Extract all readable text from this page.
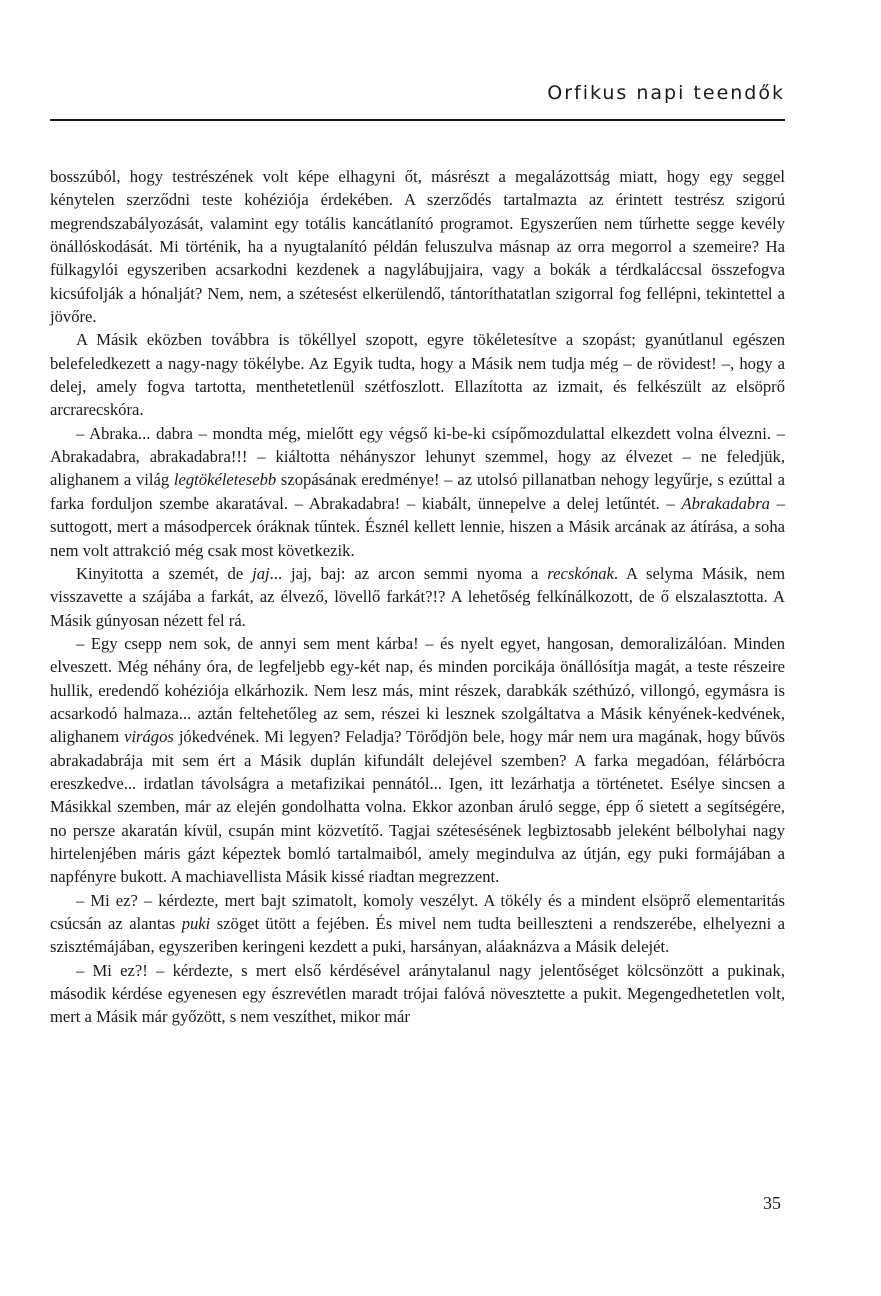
Orfikus napi teendők

bosszúból, hogy testrészének volt képe elhagyni őt, másrészt a megalázottság miatt, hogy egy seggel kénytelen szerződni teste kohéziója érdekében. A szerződés tartalmazta az érintett testrész szigorú megrendszabályozását, valamint egy totális kancátlanító programot. Egyszerűen nem tűrhette segge kevély önállóskodását. Mi történik, ha a nyugtalanító példán feluszulva másnap az orra megorrol a szemeire? Ha fülkagylói egyszeriben acsarkodni kezdenek a nagylábujjaira, vagy a bokák a térdkaláccsal összefogva kicsúfolják a hónalját? Nem, nem, a szétesést elkerülendő, tántoríthatatlan szigorral fog fellépni, tekintettel a jövőre.

A Másik eközben továbbra is tökéllyel szopott, egyre tökéletesítve a szopást; gyanútlanul egészen belefeledkezett a nagy-nagy tökélybe. Az Egyik tudta, hogy a Másik nem tudja még – de rövidest! –, hogy a delej, amely fogva tartotta, menthetetlenül szétfoszlott. Ellazította az izmait, és felkészült az elsöprő arcrarecskóra.

– Abraka... dabra – mondta még, mielőtt egy végső ki-be-ki csípőmozdulattal elkezdett volna élvezni. – Abrakadabra, abrakadabra!!! – kiáltotta néhányszor lehunyt szemmel, hogy az élvezet – ne feledjük, alighanem a világ legtökéletesebb szopásának eredménye! – az utolsó pillanatban nehogy legyűrje, s ezúttal a farka forduljon szembe akaratával. – Abrakadabra! – kiabált, ünnepelve a delej letűntét. – Abrakadabra – suttogott, mert a másodpercek óráknak tűntek. Észnél kellett lennie, hiszen a Másik arcának az átírása, a soha nem volt attrakció még csak most következik.

Kinyitotta a szemét, de jaj... jaj, baj: az arcon semmi nyoma a recskónak. A selyma Másik, nem visszavette a szájába a farkát, az élvező, lövellő farkát?!? A lehetőség felkínálkozott, de ő elszalasztotta. A Másik gúnyosan nézett fel rá.

– Egy csepp nem sok, de annyi sem ment kárba! – és nyelt egyet, hangosan, demoralizálóan. Minden elveszett. Még néhány óra, de legfeljebb egy-két nap, és minden porcikája önállósítja magát, a teste részeire hullik, eredendő kohéziója elkárhozik. Nem lesz más, mint részek, darabkák széthúzó, villongó, egymásra is acsarkodó halmaza... aztán feltehetőleg az sem, részei ki lesznek szolgáltatva a Másik kényének-kedvének, alighanem virágos jókedvének. Mi legyen? Feladja? Törődjön bele, hogy már nem ura magának, hogy bűvös abrakadabrája mit sem ért a Másik duplán kifundált delejével szemben? A farka megadóan, félárbócra ereszkedve... irdatlan távolságra a metafizikai pennától... Igen, itt lezárhatja a történetet. Esélye sincsen a Másikkal szemben, már az elején gondolhatta volna. Ekkor azonban áruló segge, épp ő sietett a segítségére, no persze akaratán kívül, csupán mint közvetítő. Tagjai szétesésének legbiztosabb jeleként bélbolyhai nagy hirtelenjében máris gázt képeztek bomló tartalmaiból, amely megindulva az útján, egy puki formájában a napfényre bukott. A machiavellista Másik kissé riadtan megrezzent.

– Mi ez? – kérdezte, mert bajt szimatolt, komoly veszélyt. A tökély és a mindent elsöprő elementaritás csúcsán az alantas puki szöget ütött a fejében. És mivel nem tudta beilleszteni a rendszerébe, elhelyezni a szisztémájában, egyszeriben keringeni kezdett a puki, harsányan, aláaknázva a Másik delejét.

– Mi ez?! – kérdezte, s mert első kérdésével aránytalanul nagy jelentőséget kölcsönzött a pukinak, második kérdése egyenesen egy észrevétlen maradt trójai falóvá növesztette a pukit. Megengedhetetlen volt, mert a Másik már győzött, s nem veszíthet, mikor már

35
